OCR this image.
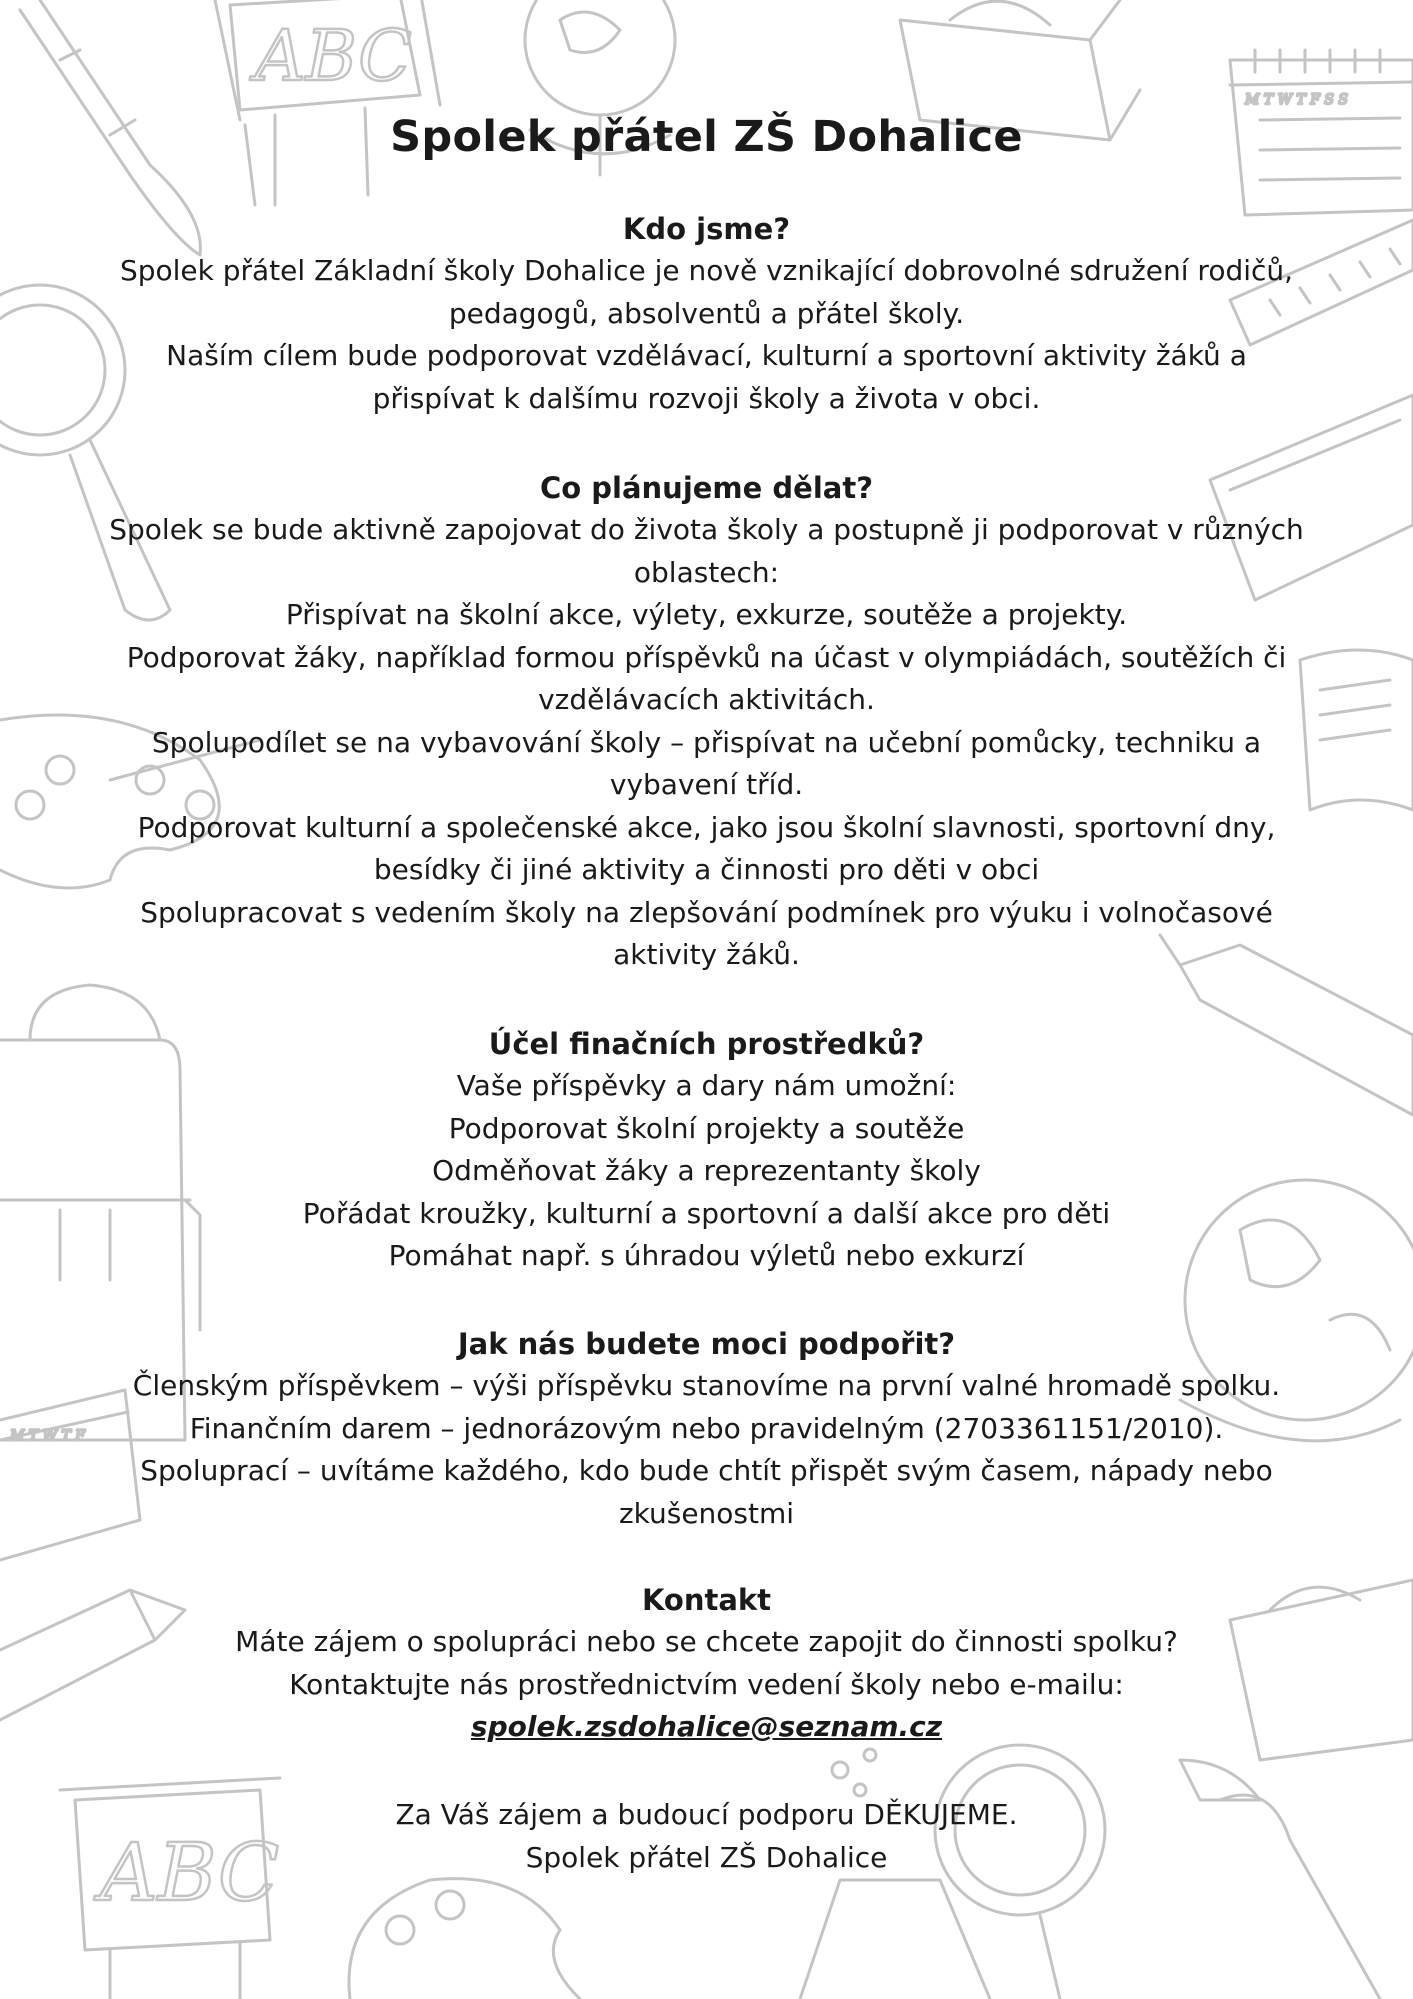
ABC
M T W T F S S
M T W T F
ABC
Spolek přátel ZŠ Dohalice
Kdo jsme?

Spolek přátel Základní školy Dohalice je nově vznikající dobrovolné sdružení rodičů,

pedagogů, absolventů a přátel školy.

Naším cílem bude podporovat vzdělávací, kulturní a sportovní aktivity žáků a

přispívat k dalšímu rozvoji školy a života v obci.

Co plánujeme dělat?

Spolek se bude aktivně zapojovat do života školy a postupně ji podporovat v různých

oblastech:

Přispívat na školní akce, výlety, exkurze, soutěže a projekty.

Podporovat žáky, například formou příspěvků na účast v olympiádách, soutěžích či

vzdělávacích aktivitách.

Spolupodílet se na vybavování školy – přispívat na učební pomůcky, techniku a

vybavení tříd.

Podporovat kulturní a společenské akce, jako jsou školní slavnosti, sportovní dny,

besídky či jiné aktivity a činnosti pro děti v obci

Spolupracovat s vedením školy na zlepšování podmínek pro výuku i volnočasové

aktivity žáků.

Účel finačních prostředků?

Vaše příspěvky a dary nám umožní:

Podporovat školní projekty a soutěže

Odměňovat žáky a reprezentanty školy

Pořádat kroužky, kulturní a sportovní a další akce pro děti

Pomáhat např. s úhradou výletů nebo exkurzí

Jak nás budete moci podpořit?

Členským příspěvkem – výši příspěvku stanovíme na první valné hromadě spolku.

Finančním darem – jednorázovým nebo pravidelným (2703361151/2010).

Spoluprací – uvítáme každého, kdo bude chtít přispět svým časem, nápady nebo

zkušenostmi

Kontakt

Máte zájem o spolupráci nebo se chcete zapojit do činnosti spolku?

Kontaktujte nás prostřednictvím vedení školy nebo e-mailu:

spolek.zsdohalice@seznam.cz

Za Váš zájem a budoucí podporu DĚKUJEME.

Spolek přátel ZŠ Dohalice
